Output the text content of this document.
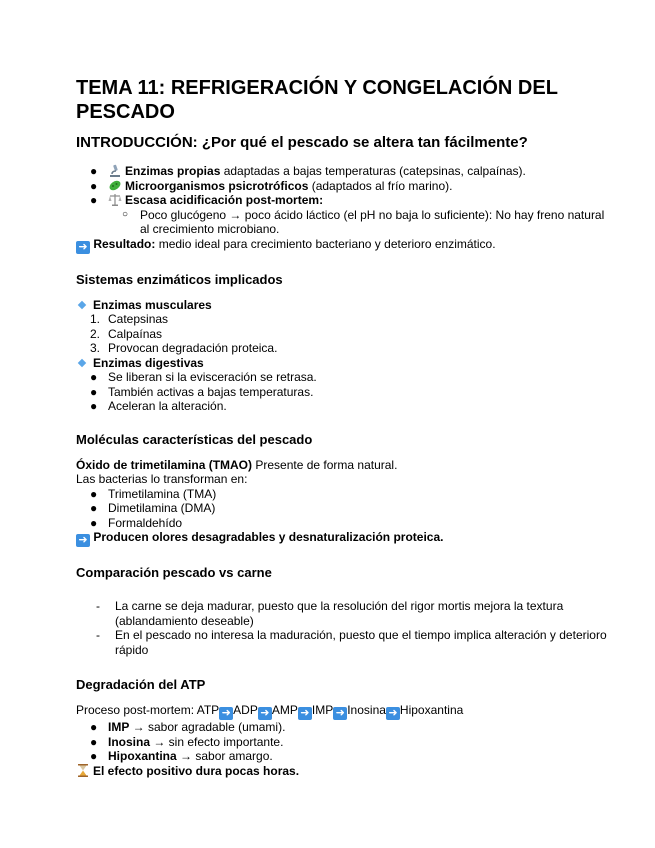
TEMA 11: REFRIGERACIÓN Y CONGELACIÓN DEL PESCADO
INTRODUCCIÓN: ¿Por qué el pescado se altera tan fácilmente?
● Enzimas propias adaptadas a bajas temperaturas (catepsinas, calpaínas).
● Microorganismos psicrotróficos (adaptados al frío marino).
● Escasa acidificación post-mortem:
○ Poco glucógeno → poco ácido láctico (el pH no baja lo suficiente): No hay freno natural al crecimiento microbiano.
➜ Resultado: medio ideal para crecimiento bacteriano y deterioro enzimático.
Sistemas enzimáticos implicados
Enzimas musculares
1. Catepsinas
2. Calpaínas
3. Provocan degradación proteica.
Enzimas digestivas
● Se liberan si la evisceración se retrasa.
● También activas a bajas temperaturas.
● Aceleran la alteración.
Moléculas características del pescado
Óxido de trimetilamina (TMAO) Presente de forma natural.
Las bacterias lo transforman en:
● Trimetilamina (TMA)
● Dimetilamina (DMA)
● Formaldehído
➜ Producen olores desagradables y desnaturalización proteica.
Comparación pescado vs carne
- La carne se deja madurar, puesto que la resolución del rigor mortis mejora la textura (ablandamiento deseable)
- En el pescado no interesa la maduración, puesto que el tiempo implica alteración y deterioro rápido
Degradación del ATP
Proceso post-mortem: ATP ➜ ADP ➜ AMP ➜ IMP ➜ Inosina ➜ Hipoxantina
● IMP → sabor agradable (umami).
● Inosina → sin efecto importante.
● Hipoxantina → sabor amargo.
El efecto positivo dura pocas horas.
